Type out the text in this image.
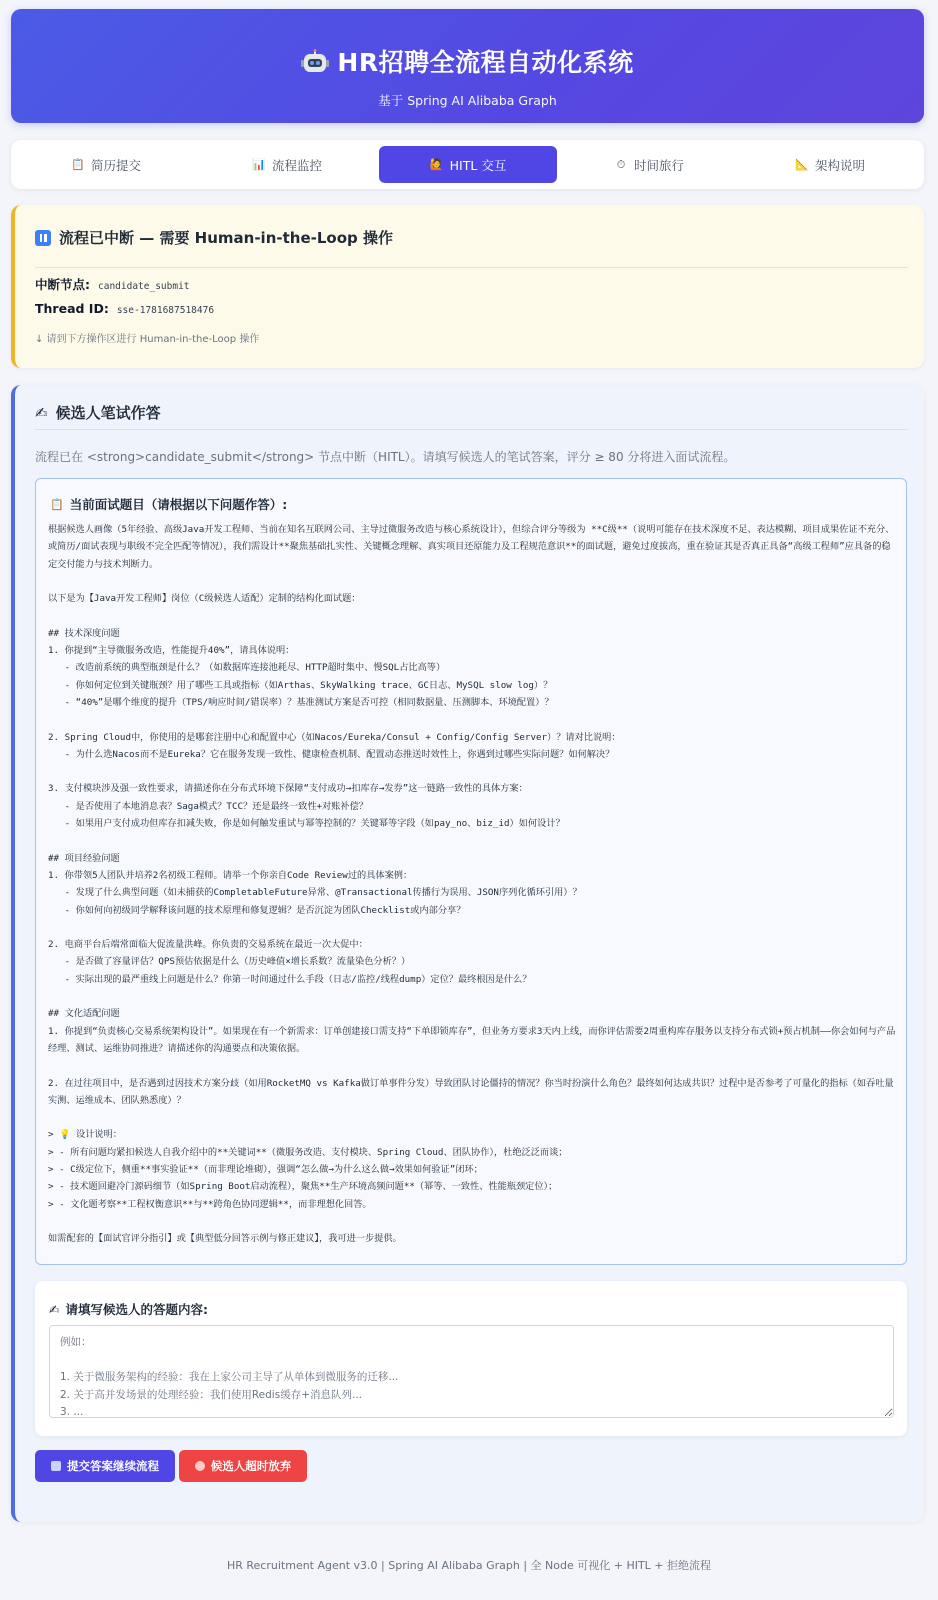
HR招聘全流程自动化系统
基于 Spring AI Alibaba Graph
📋 简历提交	📊 流程监控	🙋 HITL 交互	⏱ 时间旅行	📐 架构说明
流程已中断 — 需要 Human-in-the-Loop 操作
中断节点: candidate_submit
Thread ID: sse-1781687518476
↓ 请到下方操作区进行 Human-in-the-Loop 操作
✍ 候选人笔试作答
流程已在 <strong>candidate_submit</strong> 节点中断（HITL）。请填写候选人的笔试答案，评分 ≥ 80 分将进入面试流程。
📋 当前面试题目（请根据以下问题作答）:
根据候选人画像（5年经验、高级Java开发工程师、当前在知名互联网公司、主导过微服务改造与核心系统设计），但综合评分等级为 **C级**（说明可能存在技术深度不足、表达模糊、项目成果佐证不充分、或简历/面试表现与职级不完全匹配等情况），我们需设计**聚焦基础扎实性、关键概念理解、真实项目还原能力及工程规范意识**的面试题，避免过度拔高，重在验证其是否真正具备“高级工程师”应具备的稳定交付能力与技术判断力。

以下是为【Java开发工程师】岗位（C级候选人适配）定制的结构化面试题：

## 技术深度问题
1. 你提到“主导微服务改造，性能提升40%”，请具体说明：
- 改造前系统的典型瓶颈是什么？（如数据库连接池耗尽、HTTP超时集中、慢SQL占比高等）
- 你如何定位到关键瓶颈？用了哪些工具或指标（如Arthas、SkyWalking trace、GC日志、MySQL slow log）？
- “40%”是哪个维度的提升（TPS/响应时间/错误率）？基准测试方案是否可控（相同数据量、压测脚本、环境配置）？

2. Spring Cloud中，你使用的是哪套注册中心和配置中心（如Nacos/Eureka/Consul + Config/Config Server）？请对比说明：
- 为什么选Nacos而不是Eureka？它在服务发现一致性、健康检查机制、配置动态推送时效性上，你遇到过哪些实际问题？如何解决？

3. 支付模块涉及强一致性要求，请描述你在分布式环境下保障“支付成功→扣库存→发券”这一链路一致性的具体方案：
- 是否使用了本地消息表？Saga模式？TCC？还是最终一致性+对账补偿？
- 如果用户支付成功但库存扣减失败，你是如何触发重试与幂等控制的？关键幂等字段（如pay_no、biz_id）如何设计？

## 项目经验问题
1. 你带领5人团队并培养2名初级工程师。请举一个你亲自Code Review过的具体案例：
- 发现了什么典型问题（如未捕获的CompletableFuture异常、@Transactional传播行为误用、JSON序列化循环引用）？
- 你如何向初级同学解释该问题的技术原理和修复逻辑？是否沉淀为团队Checklist或内部分享？

2. 电商平台后端常面临大促流量洪峰。你负责的交易系统在最近一次大促中：
- 是否做了容量评估？QPS预估依据是什么（历史峰值×增长系数？流量染色分析？）
- 实际出现的最严重线上问题是什么？你第一时间通过什么手段（日志/监控/线程dump）定位？最终根因是什么？

## 文化适配问题
1. 你提到“负责核心交易系统架构设计”。如果现在有一个新需求：订单创建接口需支持“下单即锁库存”，但业务方要求3天内上线，而你评估需要2周重构库存服务以支持分布式锁+预占机制——你会如何与产品经理、测试、运维协同推进？请描述你的沟通要点和决策依据。

2. 在过往项目中，是否遇到过因技术方案分歧（如用RocketMQ vs Kafka做订单事件分发）导致团队讨论僵持的情况？你当时扮演什么角色？最终如何达成共识？过程中是否参考了可量化的指标（如吞吐量实测、运维成本、团队熟悉度）？

> 💡 设计说明：
> - 所有问题均紧扣候选人自我介绍中的**关键词**（微服务改造、支付模块、Spring Cloud、团队协作），杜绝泛泛而谈；
> - C级定位下，侧重**事实验证**（而非理论堆砌），强调“怎么做→为什么这么做→效果如何验证”闭环；
> - 技术题回避冷门源码细节（如Spring Boot启动流程），聚焦**生产环境高频问题**（幂等、一致性、性能瓶颈定位）；
> - 文化题考察**工程权衡意识**与**跨角色协同逻辑**，而非理想化回答。

如需配套的【面试官评分指引】或【典型低分回答示例与修正建议】，我可进一步提供。
✍ 请填写候选人的答题内容:
例如： 1. 关于微服务架构的经验：我在上家公司主导了从单体到微服务的迁移... 2. 关于高并发场景的处理经验：我们使用Redis缓存+消息队列... 3. ...
提交答案继续流程	候选人超时放弃
HR Recruitment Agent v3.0 | Spring AI Alibaba Graph | 全 Node 可视化 + HITL + 拒绝流程
